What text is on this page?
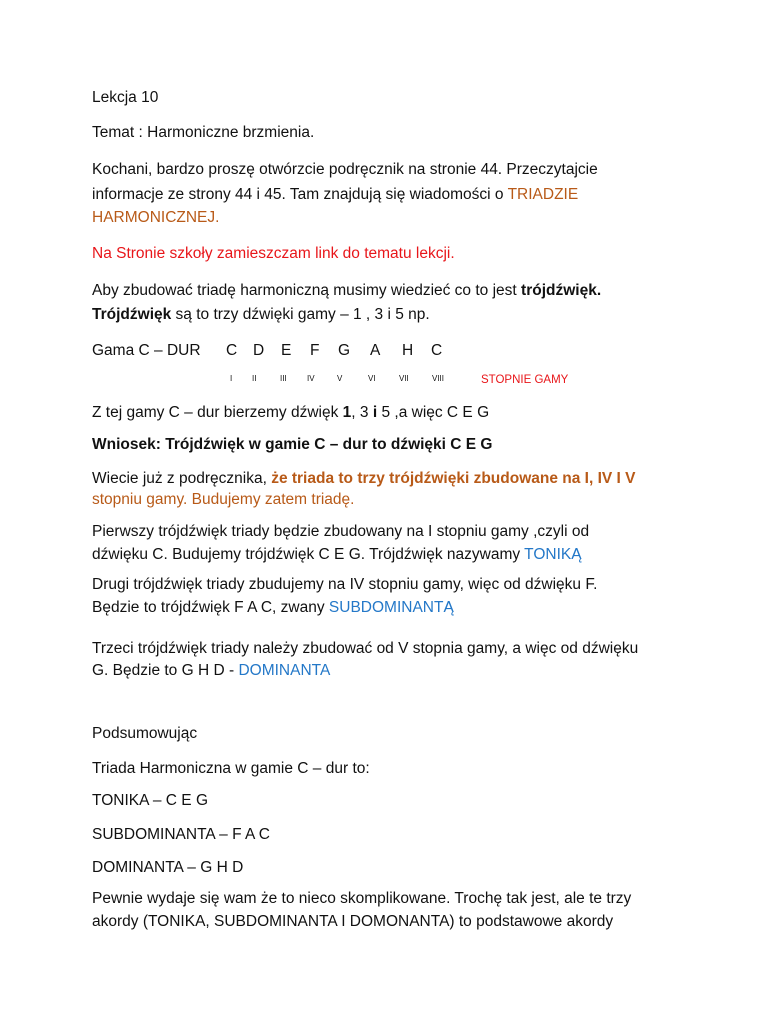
Lekcja 10
Temat : Harmoniczne brzmienia.
Kochani, bardzo proszę otwórzcie podręcznik na stronie 44. Przeczytajcie
informacje ze strony 44 i 45. Tam znajdują się wiadomości o TRIADZIE
HARMONICZNEJ.
Na Stronie szkoły zamieszczam link do tematu lekcji.
Aby zbudować triadę harmoniczną musimy wiedzieć co to jest trójdźwięk.
Trójdźwięk są to trzy dźwięki gamy – 1 , 3 i 5 np.
Gama C – DUR C D E F G A H C
I II	III	IV	V	VI	VII	VIII	STOPNIE GAMY
Z tej gamy C – dur bierzemy dźwięk 1, 3 i 5 ,a więc C E G
Wniosek: Trójdźwięk w gamie C – dur to dźwięki C E G
Wiecie już z podręcznika, że triada to trzy trójdźwięki zbudowane na I, IV I V
stopniu gamy. Budujemy zatem triadę.
Pierwszy trójdźwięk triady będzie zbudowany na I stopniu gamy ,czyli od
dźwięku C. Budujemy trójdźwięk C E G. Trójdźwięk nazywamy TONIKĄ
Drugi trójdźwięk triady zbudujemy na IV stopniu gamy, więc od dźwięku F.
Będzie to trójdźwięk F A C, zwany SUBDOMINANTĄ
Trzeci trójdźwięk triady należy zbudować od V stopnia gamy, a więc od dźwięku
G. Będzie to G H D - DOMINANTA
Podsumowując
Triada Harmoniczna w gamie C – dur to:
TONIKA – C E G
SUBDOMINANTA – F A C
DOMINANTA – G H D
Pewnie wydaje się wam że to nieco skomplikowane. Trochę tak jest, ale te trzy
akordy (TONIKA, SUBDOMINANTA I DOMONANTA) to podstawowe akordy
